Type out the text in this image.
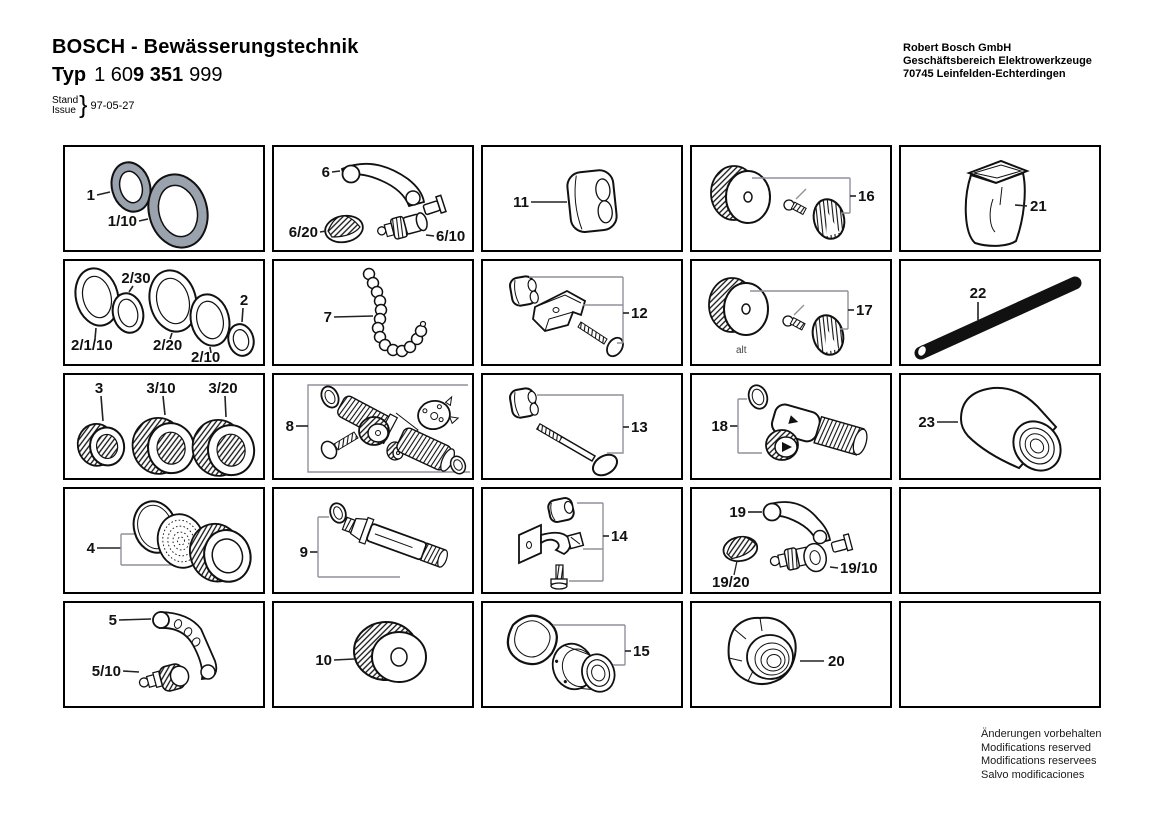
BOSCH - Bewässerungstechnik
Typ 1 609 351 999
Stand
Issue } 97-05-27
Robert Bosch GmbH
Geschäftsbereich Elektrowerkzeuge
70745 Leinfelden-Echterdingen
1
1/10
6
6/20	6/10
11	16
21
2/30
2
2/1/10	2/20
2/10
7	12	17
alt
22
3	3/10 3/20
8	13	18	23
4	9
14
19
19/20
19/10
5
5/10
10
15
20
Änderungen vorbehalten
Modifications reserved
Modifications reservees
Salvo modificaciones
